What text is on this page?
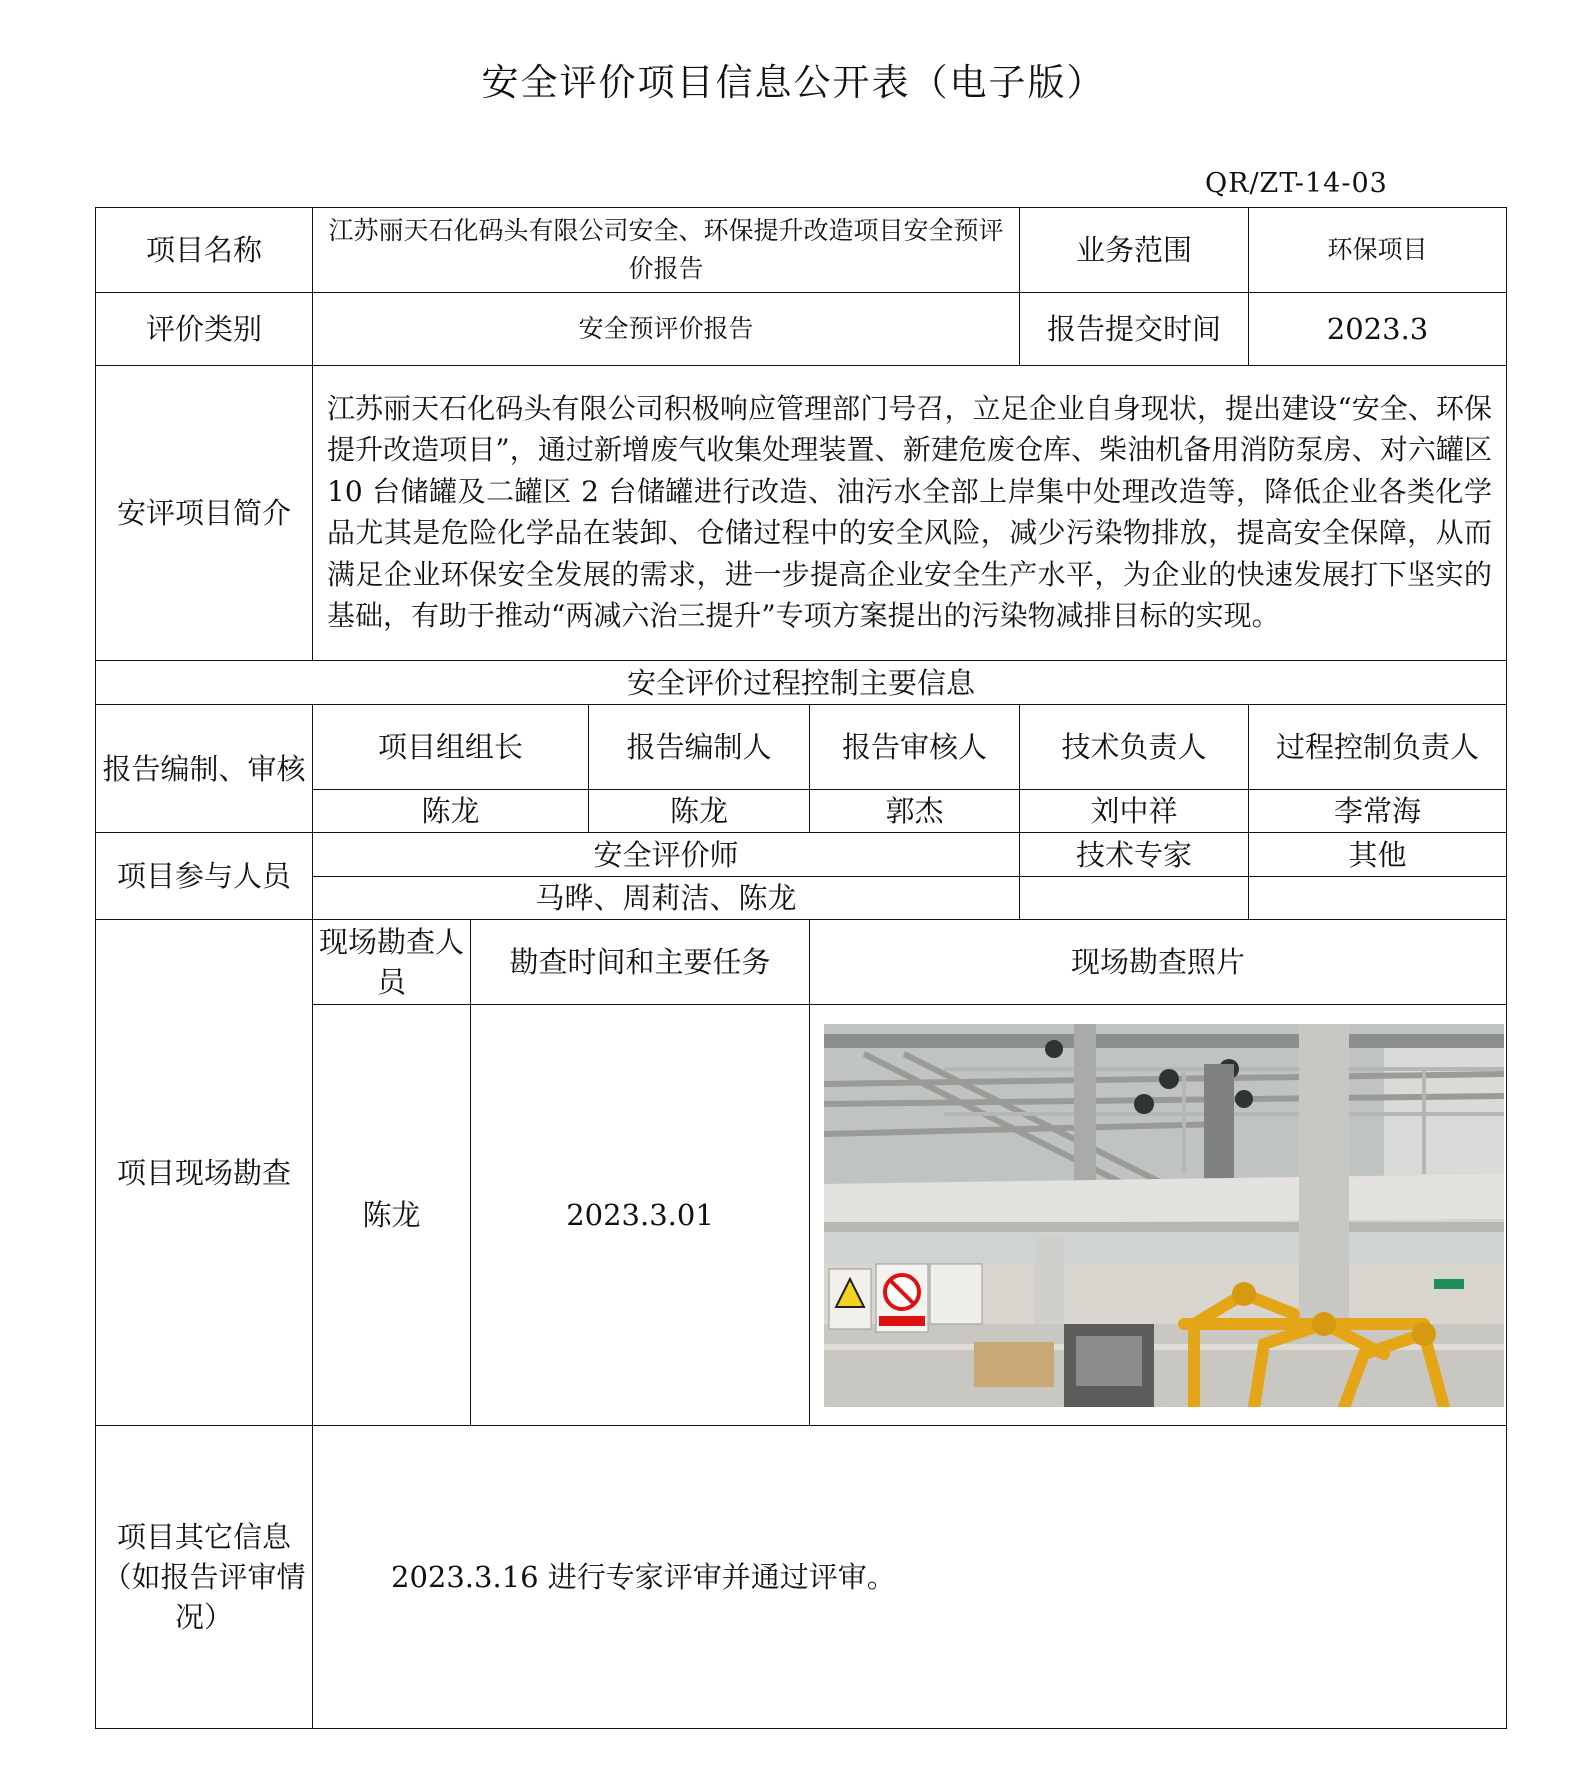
安全评价项目信息公开表（电子版）
QR/ZT-14-03
项目名称	江苏丽天石化码头有限公司安全、环保提升改造项目安全预评价报告				业务范围	环保项目
评价类别	安全预评价报告				报告提交时间	2023.3
安评项目简介	江苏丽天石化码头有限公司积极响应管理部门号召，立足企业自身现状，提出建设“安全、环保提升改造项目”，通过新增废气收集处理装置、新建危废仓库、柴油机备用消防泵房、对六罐区 10 台储罐及二罐区 2 台储罐进行改造、油污水全部上岸集中处理改造等，降低企业各类化学品尤其是危险化学品在装卸、仓储过程中的安全风险，减少污染物排放，提高安全保障，从而满足企业环保安全发展的需求，进一步提高企业安全生产水平，为企业的快速发展打下坚实的基础，有助于推动“两减六治三提升”专项方案提出的污染物减排目标的实现。					
安全评价过程控制主要信息						
报告编制、审核	项目组组长		报告编制人	报告审核人	技术负责人	过程控制负责人
	陈龙		陈龙	郭杰	刘中祥	李常海
项目参与人员	安全评价师				技术专家	其他
	马晔、周莉洁、陈龙					
项目现场勘查	现场勘查人员	勘查时间和主要任务		现场勘查照片		
	陈龙	2023.3.01	

项目其它信息（如报告评审情况）	2023.3.16 进行专家评审并通过评审。					
